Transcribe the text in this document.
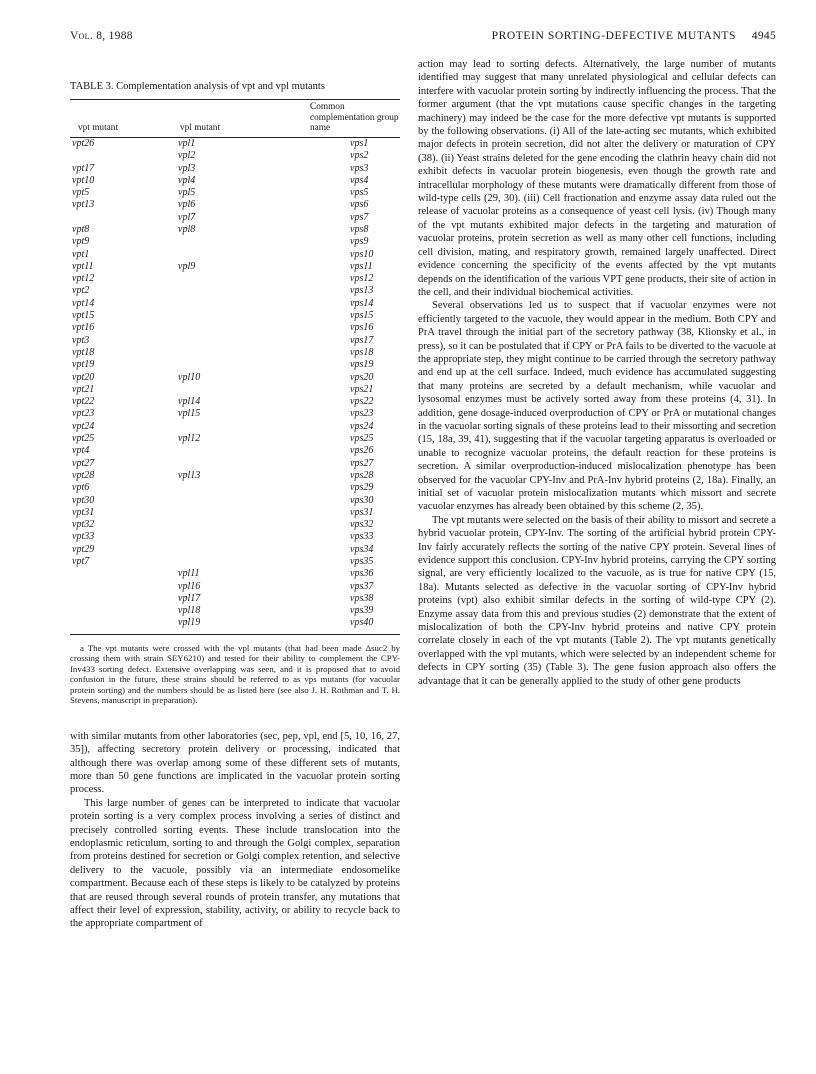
Vol. 8, 1988	PROTEIN SORTING-DEFECTIVE MUTANTS 4945
TABLE 3. Complementation analysis of vpt and vpl mutants
vpt mutant	vpl mutant	Common complementation group name
vpt26	vpl1	vps1
	vpl2	vps2
vpt17	vpl3	vps3
vpt10	vpl4	vps4
vpt5	vpl5	vps5
vpt13	vpl6	vps6
	vpl7	vps7
vpt8	vpl8	vps8
vpt9		vps9
vpt1		vps10
vpt11	vpl9	vps11
vpt12		vps12
vpt2		vps13
vpt14		vps14
vpt15		vps15
vpt16		vps16
vpt3		vps17
vpt18		vps18
vpt19		vps19
vpt20	vpl10	vps20
vpt21		vps21
vpt22	vpl14	vps22
vpt23	vpl15	vps23
vpt24		vps24
vpt25	vpl12	vps25
vpt4		vps26
vpt27		vps27
vpt28	vpl13	vps28
vpt6		vps29
vpt30		vps30
vpt31		vps31
vpt32		vps32
vpt33		vps33
vpt29		vps34
vpt7		vps35
	vpl11	vps36
	vpl16	vps37
	vpl17	vps38
	vpl18	vps39
	vpl19	vps40

a The vpt mutants were crossed with the vpl mutants (that had been made Δsuc2 by crossing them with strain SEY6210) and tested for their ability to complement the CPY-Inv433 sorting defect. Extensive overlapping was seen, and it is proposed that to avoid confusion in the future, these strains should be referred to as vps mutants (for vacuolar protein sorting) and the numbers should be as listed here (see also J. H. Rothman and T. H. Stevens, manuscript in preparation).

with similar mutants from other laboratories (sec, pep, vpl, end [5, 10, 16, 27, 35]), affecting secretory protein delivery or processing, indicated that although there was overlap among some of these different sets of mutants, more than 50 gene functions are implicated in the vacuolar protein sorting process.

This large number of genes can be interpreted to indicate that vacuolar protein sorting is a very complex process involving a series of distinct and precisely controlled sorting events. These include translocation into the endoplasmic reticulum, sorting to and through the Golgi complex, separation from proteins destined for secretion or Golgi complex retention, and selective delivery to the vacuole, possibly via an intermediate endosomelike compartment. Because each of these steps is likely to be catalyzed by proteins that are reused through several rounds of protein transfer, any mutations that affect their level of expression, stability, activity, or ability to recycle back to the appropriate compartment of

action may lead to sorting defects. Alternatively, the large number of mutants identified may suggest that many unrelated physiological and cellular defects can interfere with vacuolar protein sorting by indirectly influencing the process. That the former argument (that the vpt mutations cause specific changes in the targeting machinery) may indeed be the case for the more defective vpt mutants is supported by the following observations. (i) All of the late-acting sec mutants, which exhibited major defects in protein secretion, did not alter the delivery or maturation of CPY (38). (ii) Yeast strains deleted for the gene encoding the clathrin heavy chain did not exhibit defects in vacuolar protein biogenesis, even though the growth rate and intracellular morphology of these mutants were dramatically different from those of wild-type cells (29, 30). (iii) Cell fractionation and enzyme assay data ruled out the release of vacuolar proteins as a consequence of yeast cell lysis. (iv) Though many of the vpt mutants exhibited major defects in the targeting and maturation of vacuolar proteins, protein secretion as well as many other cell functions, including cell division, mating, and respiratory growth, remained largely unaffected. Direct evidence concerning the specificity of the events affected by the vpt mutants depends on the identification of the various VPT gene products, their site of action in the cell, and their individual biochemical activities.

Several observations led us to suspect that if vacuolar enzymes were not efficiently targeted to the vacuole, they would appear in the medium. Both CPY and PrA travel through the initial part of the secretory pathway (38, Klionsky et al., in press), so it can be postulated that if CPY or PrA fails to be diverted to the vacuole at the appropriate step, they might continue to be carried through the secretory pathway and end up at the cell surface. Indeed, much evidence has accumulated suggesting that many proteins are secreted by a default mechanism, while vacuolar and lysosomal enzymes must be actively sorted away from these proteins (4, 31). In addition, gene dosage-induced overproduction of CPY or PrA or mutational changes in the vacuolar sorting signals of these proteins lead to their missorting and secretion (15, 18a, 39, 41), suggesting that if the vacuolar targeting apparatus is overloaded or unable to recognize vacuolar proteins, the default reaction for these proteins is secretion. A similar overproduction-induced mislocalization phenotype has been observed for the vacuolar CPY-Inv and PrA-Inv hybrid proteins (2, 18a). Finally, an initial set of vacuolar protein mislocalization mutants which missort and secrete vacuolar enzymes has already been obtained by this scheme (2, 35).

The vpt mutants were selected on the basis of their ability to missort and secrete a hybrid vacuolar protein, CPY-Inv. The sorting of the artificial hybrid protein CPY-Inv fairly accurately reflects the sorting of the native CPY protein. Several lines of evidence support this conclusion. CPY-Inv hybrid proteins, carrying the CPY sorting signal, are very efficiently localized to the vacuole, as is true for native CPY (15, 18a). Mutants selected as defective in the vacuolar sorting of CPY-Inv hybrid proteins (vpt) also exhibit similar defects in the sorting of wild-type CPY (2). Enzyme assay data from this and previous studies (2) demonstrate that the extent of mislocalization of both the CPY-Inv hybrid proteins and native CPY protein correlate closely in each of the vpt mutants (Table 2). The vpt mutants genetically overlapped with the vpl mutants, which were selected by an independent scheme for defects in CPY sorting (35) (Table 3). The gene fusion approach also offers the advantage that it can be generally applied to the study of other gene products
